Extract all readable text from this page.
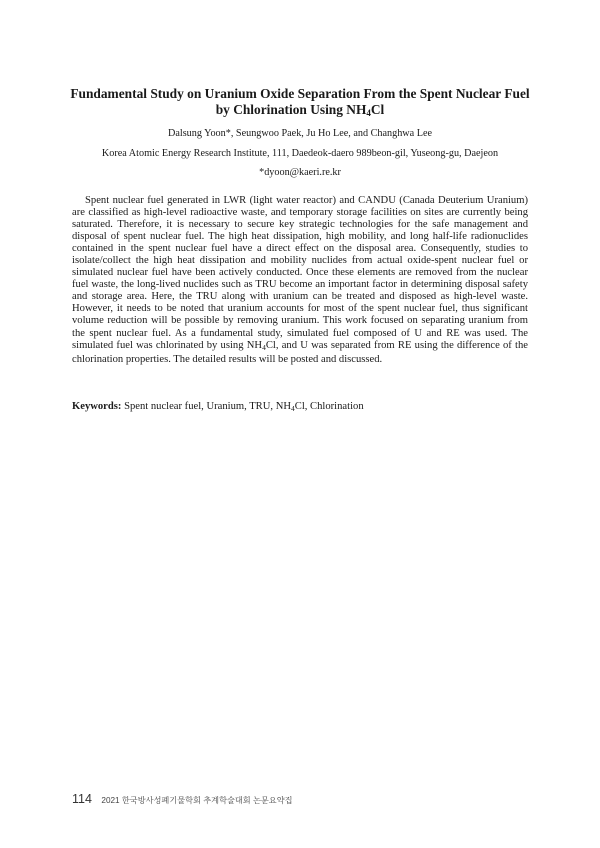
Fundamental Study on Uranium Oxide Separation From the Spent Nuclear Fuel
by Chlorination Using $NH_4Cl$

Dalsung Yoon*, Seungwoo Paek, Ju Ho Lee, and Changhwa Lee

Korea Atomic Energy Research Institute, 111, Daedeok-daero 989beon-gil, Yuseong-gu, Daejeon

*dyoon@kaeri.re.kr

Spent nuclear fuel generated in LWR (light water reactor) and CANDU (Canada Deuterium Uranium) are classified as high-level radioactive waste, and temporary storage facilities on sites are currently being saturated. Therefore, it is necessary to secure key strategic technologies for the safe management and disposal of spent nuclear fuel. The high heat dissipation, high mobility, and long half-life radionuclides contained in the spent nuclear fuel have a direct effect on the disposal area. Consequently, studies to isolate/collect the high heat dissipation and mobility nuclides from actual oxide-spent nuclear fuel or simulated nuclear fuel have been actively conducted. Once these elements are removed from the nuclear fuel waste, the long-lived nuclides such as TRU become an important factor in determining disposal safety and storage area. Here, the TRU along with uranium can be treated and disposed as high-level waste. However, it needs to be noted that uranium accounts for most of the spent nuclear fuel, thus significant volume reduction will be possible by removing uranium. This work focused on separating uranium from the spent nuclear fuel. As a fundamental study, simulated fuel composed of U and RE was used. The simulated fuel was chlorinated by using $NH_4Cl$, and U was separated from RE using the difference of the chlorination properties. The detailed results will be posted and discussed.

Keywords: Spent nuclear fuel, Uranium, TRU, $NH_4Cl$, Chlorination

114 2021 한국방사성폐기물학회 추계학술대회 논문요약집
